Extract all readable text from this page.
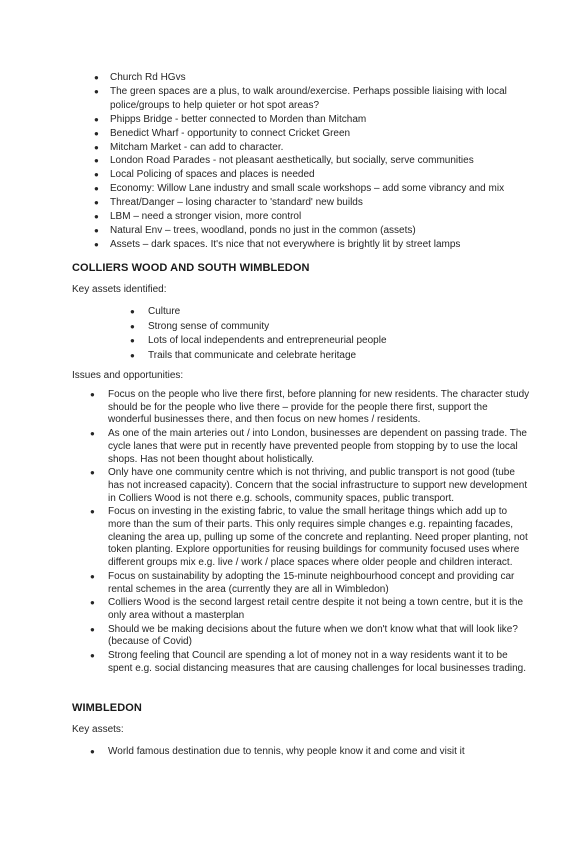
● Church Rd HGvs
● The green spaces are a plus, to walk around/exercise. Perhaps possible liaising with local police/groups to help quieter or hot spot areas?
● Phipps Bridge - better connected to Morden than Mitcham
● Benedict Wharf - opportunity to connect Cricket Green
● Mitcham Market - can add to character.
● London Road Parades - not pleasant aesthetically, but socially, serve communities
● Local Policing of spaces and places is needed
● Economy: Willow Lane industry and small scale workshops – add some vibrancy and mix
● Threat/Danger – losing character to 'standard' new builds
● LBM – need a stronger vision, more control
● Natural Env – trees, woodland, ponds no just in the common (assets)
● Assets – dark spaces. It's nice that not everywhere is brightly lit by street lamps
COLLIERS WOOD AND SOUTH WIMBLEDON

Key assets identified:

● Culture
● Strong sense of community
● Lots of local independents and entrepreneurial people
● Trails that communicate and celebrate heritage

Issues and opportunities:

● Focus on the people who live there first, before planning for new residents. The character study should be for the people who live there – provide for the people there first, support the wonderful businesses there, and then focus on new homes / residents.
● As one of the main arteries out / into London, businesses are dependent on passing trade. The cycle lanes that were put in recently have prevented people from stopping by to use the local shops. Has not been thought about holistically.
● Only have one community centre which is not thriving, and public transport is not good (tube has not increased capacity). Concern that the social infrastructure to support new development in Colliers Wood is not there e.g. schools, community spaces, public transport.
● Focus on investing in the existing fabric, to value the small heritage things which add up to more than the sum of their parts. This only requires simple changes e.g. repainting facades, cleaning the area up, pulling up some of the concrete and replanting. Need proper planting, not token planting. Explore opportunities for reusing buildings for community focused uses where different groups mix e.g. live / work / place spaces where older people and children interact.
● Focus on sustainability by adopting the 15-minute neighbourhood concept and providing car rental schemes in the area (currently they are all in Wimbledon)
● Colliers Wood is the second largest retail centre despite it not being a town centre, but it is the only area without a masterplan
● Should we be making decisions about the future when we don't know what that will look like? (because of Covid)
● Strong feeling that Council are spending a lot of money not in a way residents want it to be spent e.g. social distancing measures that are causing challenges for local businesses trading.
WIMBLEDON

Key assets:

● World famous destination due to tennis, why people know it and come and visit it
